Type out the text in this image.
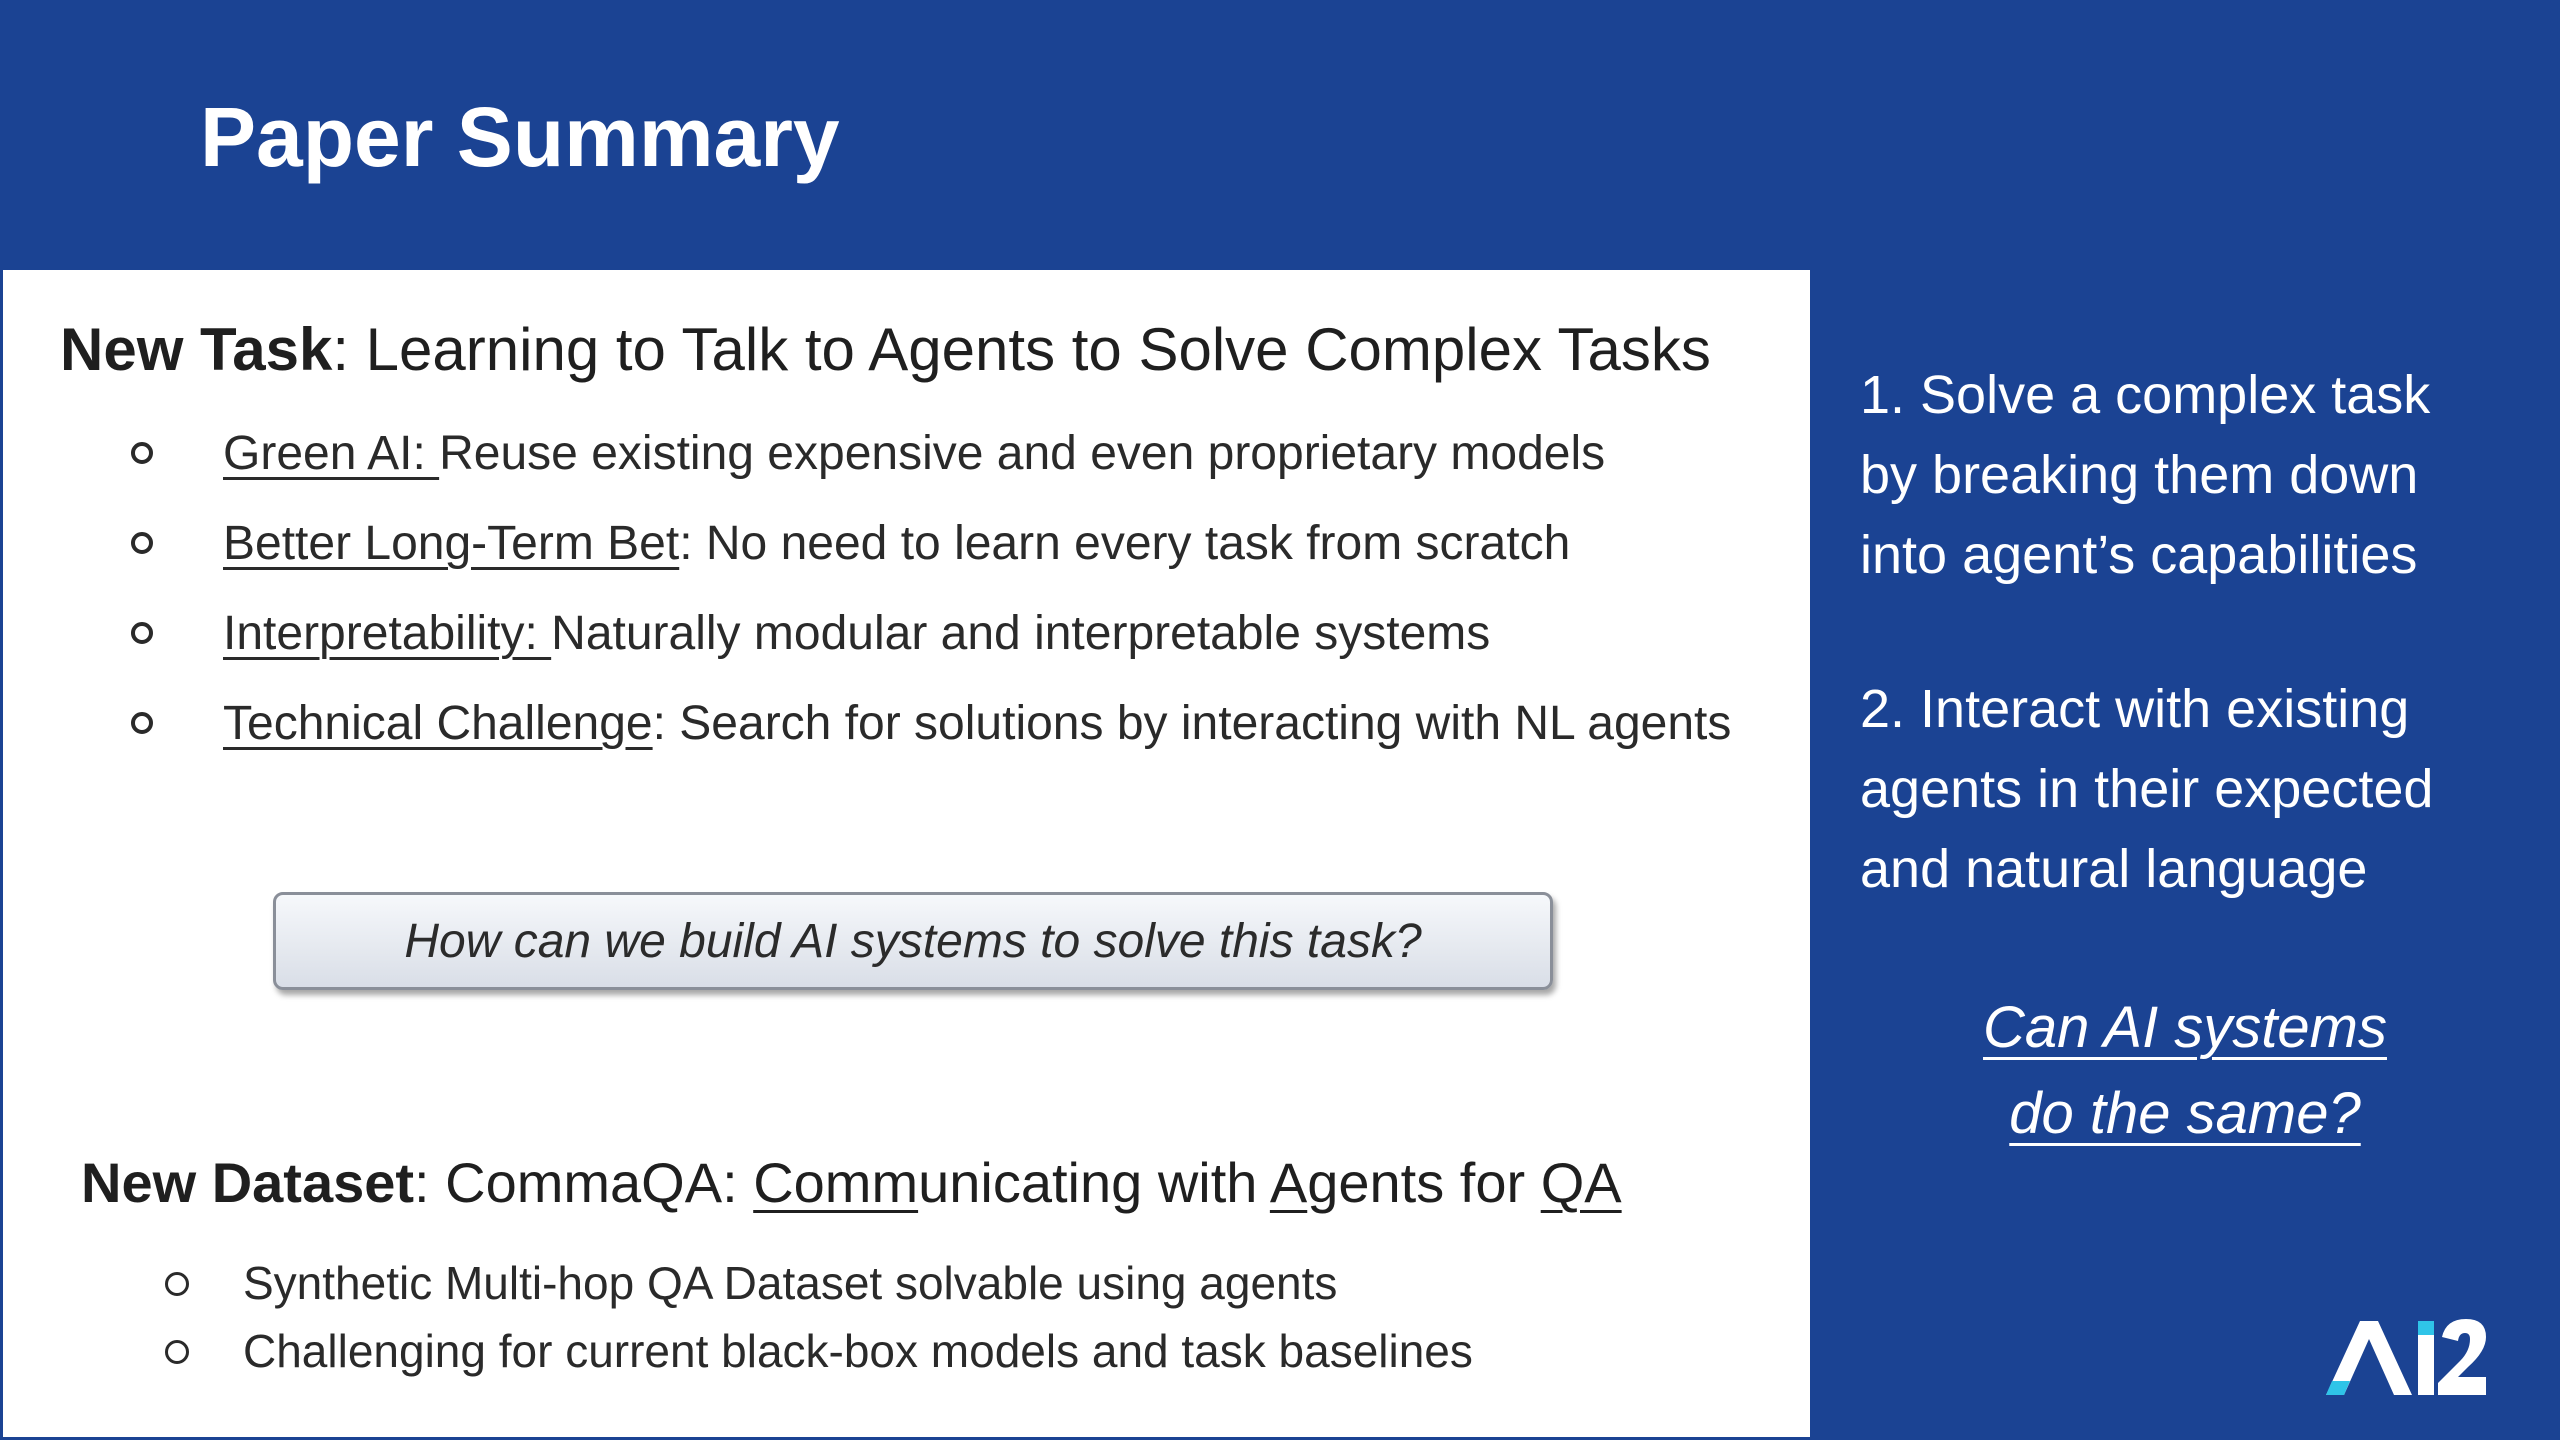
Paper Summary
New Task: Learning to Talk to Agents to Solve Complex Tasks
Green AI: Reuse existing expensive and even proprietary models
Better Long-Term Bet: No need to learn every task from scratch
Interpretability: Naturally modular and interpretable systems
Technical Challenge: Search for solutions by interacting with NL agents
How can we build AI systems to solve this task?
New Dataset: CommaQA: Communicating with Agents for QA
Synthetic Multi-hop QA Dataset solvable using agents
Challenging for current black-box models and task baselines

1. Solve a complex task
by breaking them down
into agent’s capabilities

2. Interact with existing
agents in their expected
and natural language

Can AI systems
do the same?
